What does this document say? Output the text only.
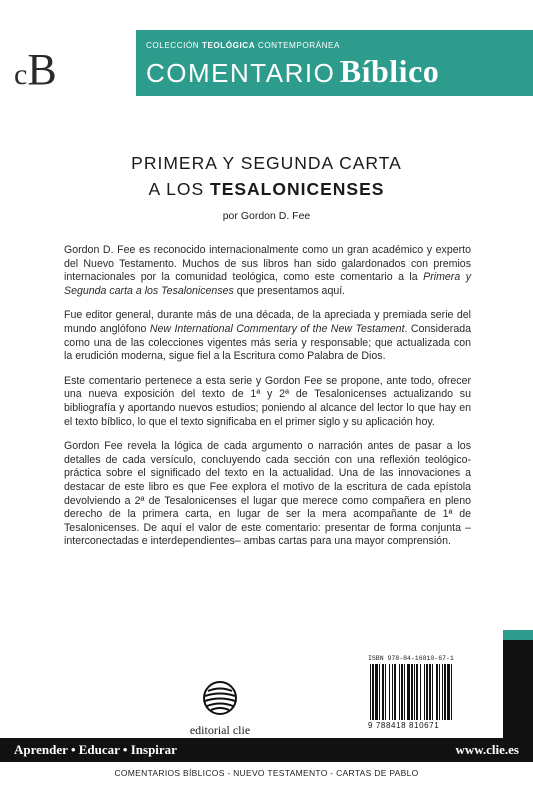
cB	COLECCIÓN TEOLÓGICA CONTEMPORÁNEA
COMENTARIO Bíblico
PRIMERA Y SEGUNDA CARTA
A LOS TESALONICENSES
por Gordon D. Fee

Gordon D. Fee es reconocido internacionalmente como un gran académico y experto del Nuevo Testamento. Muchos de sus libros han sido galardonados con premios internacionales por la comunidad teológica, como este comentario a la Primera y Segunda carta a los Tesalonicenses que presentamos aquí.

Fue editor general, durante más de una década, de la apreciada y premiada serie del mundo anglófono New International Commentary of the New Testament. Considerada como una de las colecciones vigentes más seria y responsable; que actualizada con la erudición moderna, sigue fiel a la Escritura como Palabra de Dios.

Este comentario pertenece a esta serie y Gordon Fee se propone, ante todo, ofrecer una nueva exposición del texto de 1ª y 2ª de Tesalonicenses actualizando su bibliografía y aportando nuevos estudios; poniendo al alcance del lector lo que hay en el texto bíblico, lo que el texto significaba en el primer siglo y su aplicación hoy.

Gordon Fee revela la lógica de cada argumento o narración antes de pasar a los detalles de cada versículo, concluyendo cada sección con una reflexión teológico-práctica sobre el significado del texto en la actualidad. Una de las innovaciones a destacar de este libro es que Fee explora el motivo de la escritura de cada epístola devolviendo a 2ª de Tesalonicenses el lugar que merece como compañera en pleno derecho de la primera carta, en lugar de ser la mera acompañante de 1ª de Tesalonicenses. De aquí el valor de este comentario: presentar de forma conjunta –interconectadas e interdependientes– ambas cartas para una mayor comprensión.

editorial clie
ISBN 978-84-16810-67-1
9 788418 810671
Aprender • Educar • Inspirar	www.clie.es
COMENTARIOS BÍBLICOS - NUEVO TESTAMENTO - CARTAS DE PABLO
